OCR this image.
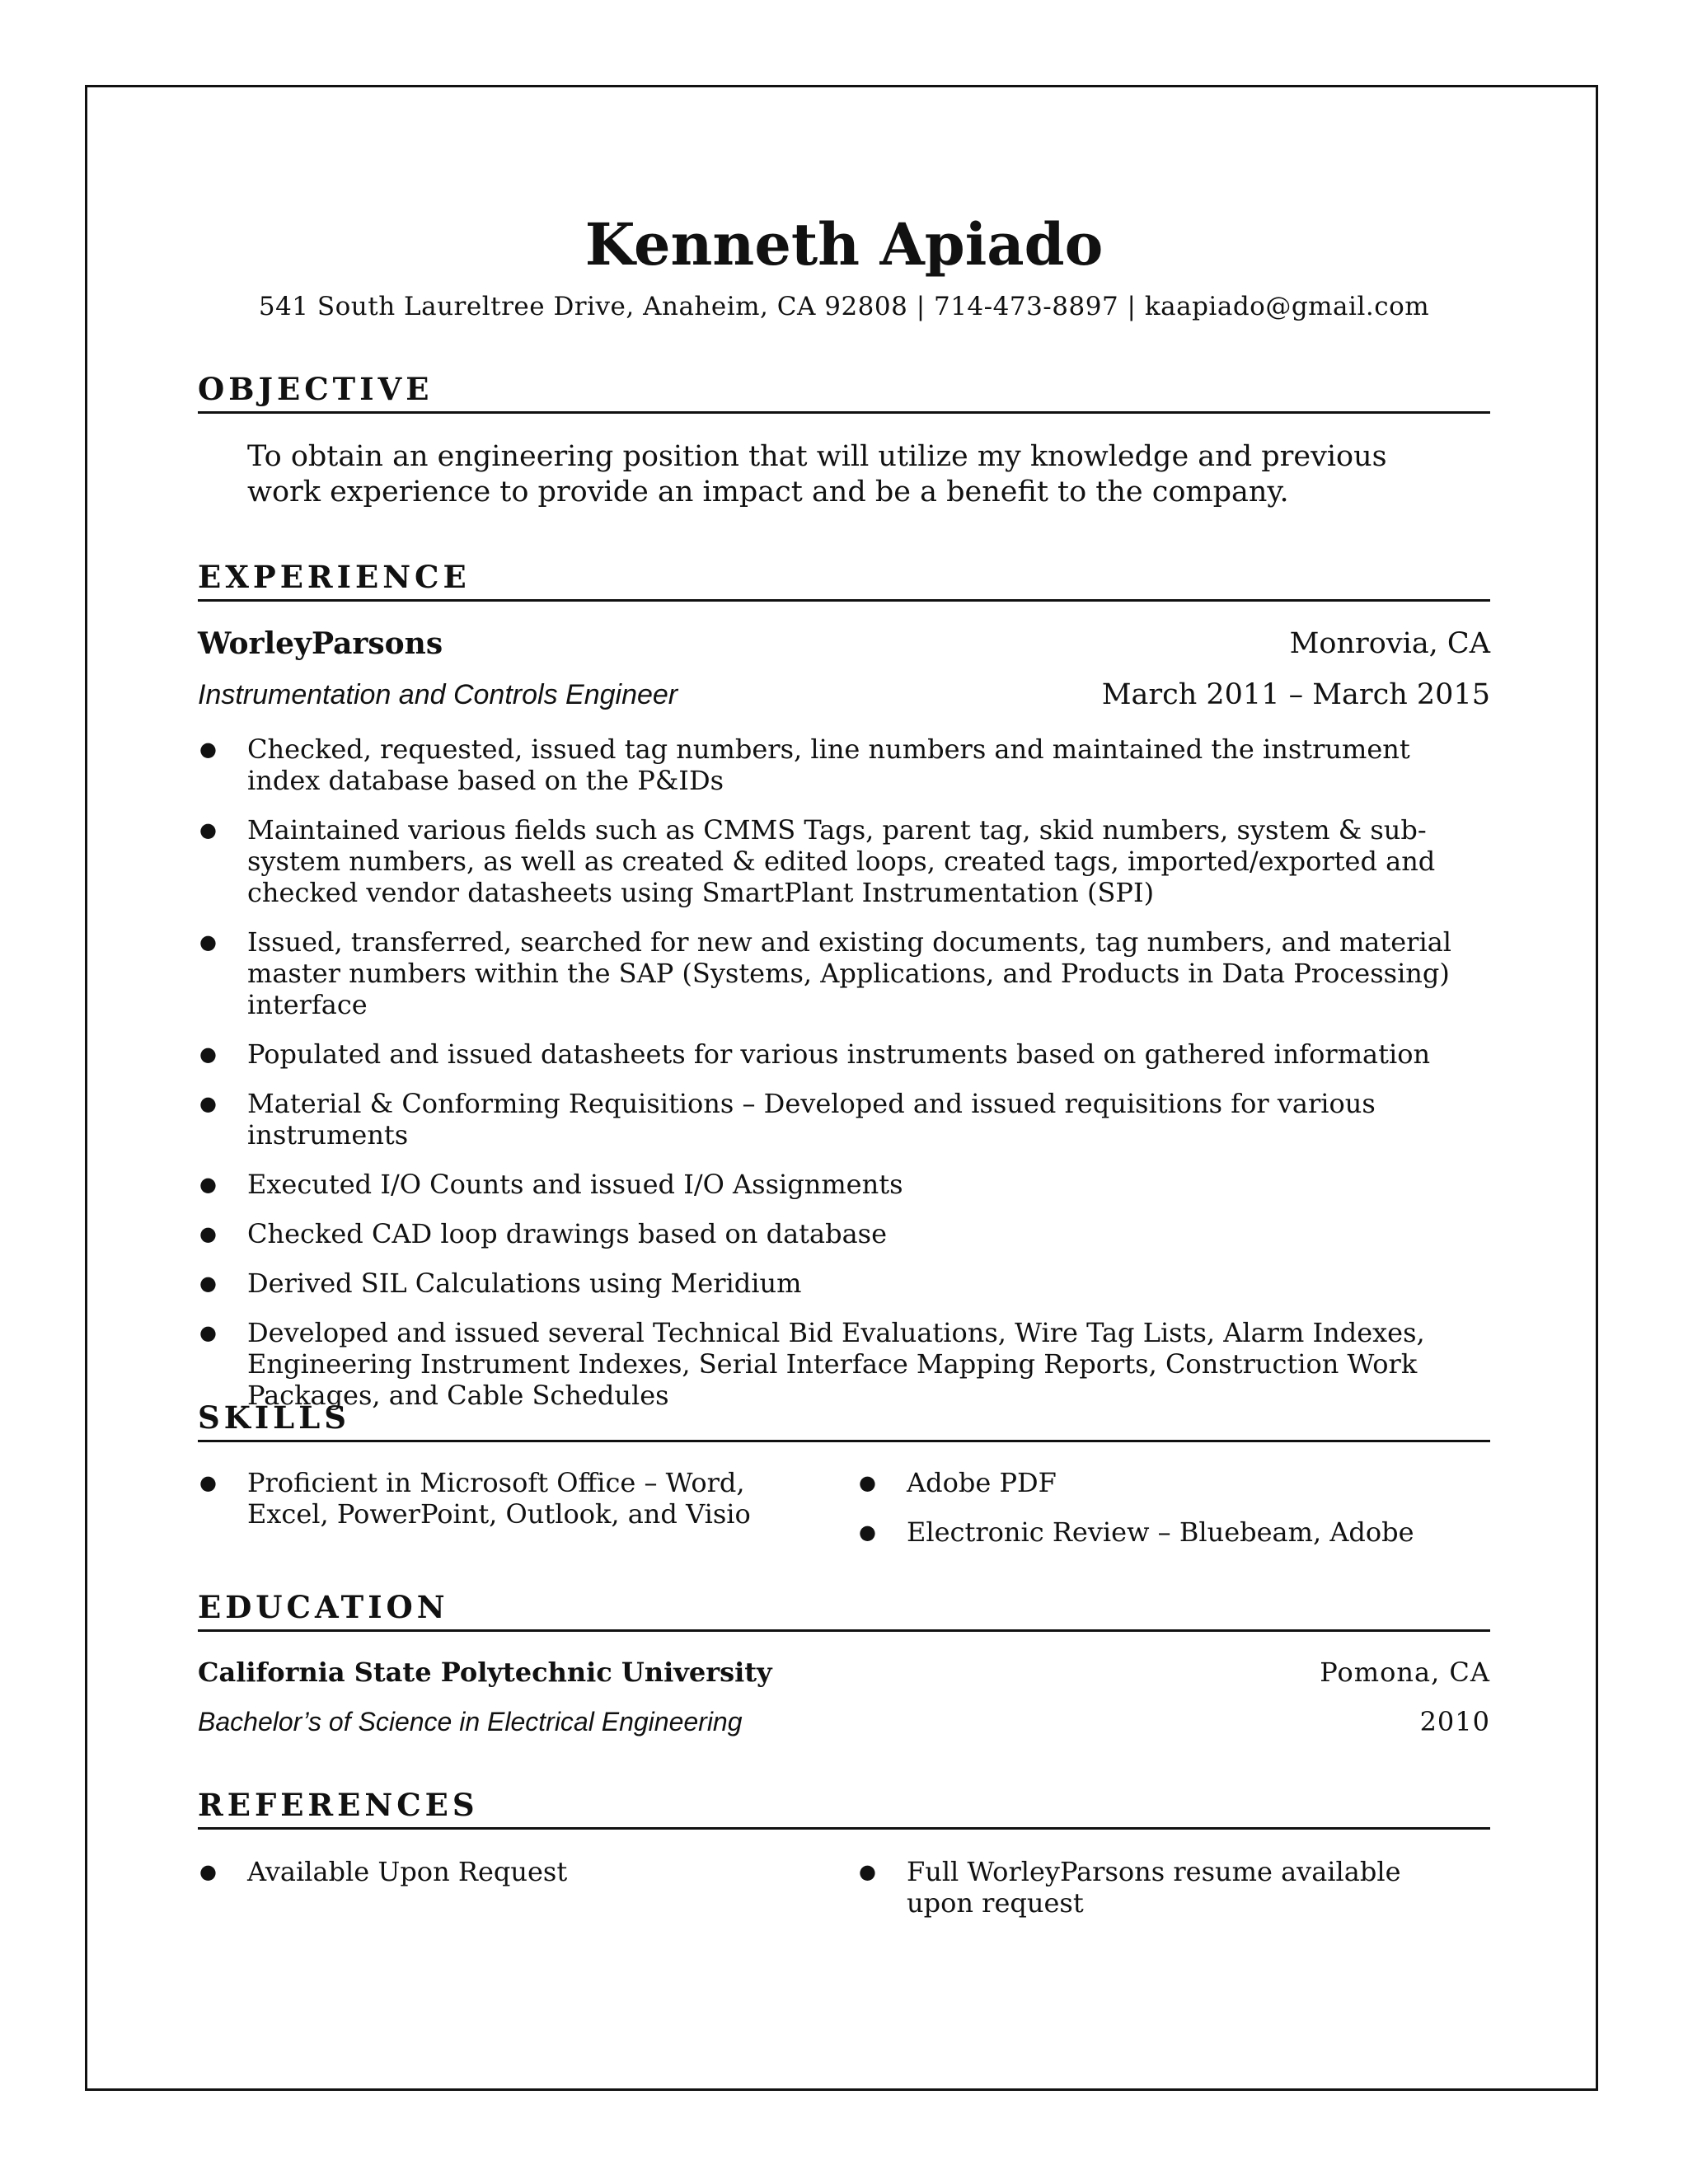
Kenneth Apiado
541 South Laureltree Drive, Anaheim, CA 92808 | 714-473-8897 | kaapiado@gmail.com
OBJECTIVE
To obtain an engineering position that will utilize my knowledge and previous work experience to provide an impact and be a benefit to the company.
EXPERIENCE
WorleyParsons	Monrovia, CA
Instrumentation and Controls Engineer	March 2011 – March 2015
●	Checked, requested, issued tag numbers, line numbers and maintained the instrument index database based on the P&IDs
●	Maintained various fields such as CMMS Tags, parent tag, skid numbers, system & sub-system numbers, as well as created & edited loops, created tags, imported/exported and checked vendor datasheets using SmartPlant Instrumentation (SPI)
●	Issued, transferred, searched for new and existing documents, tag numbers, and material master numbers within the SAP (Systems, Applications, and Products in Data Processing) interface
●	Populated and issued datasheets for various instruments based on gathered information
●	Material & Conforming Requisitions – Developed and issued requisitions for various instruments
●	Executed I/O Counts and issued I/O Assignments
●	Checked CAD loop drawings based on database
●	Derived SIL Calculations using Meridium
●	Developed and issued several Technical Bid Evaluations, Wire Tag Lists, Alarm Indexes, Engineering Instrument Indexes, Serial Interface Mapping Reports, Construction Work Packages, and Cable Schedules
SKILLS
●	Proficient in Microsoft Office – Word, Excel, PowerPoint, Outlook, and Visio
●	Adobe PDF
●	Electronic Review – Bluebeam, Adobe
EDUCATION
California State Polytechnic University	Pomona, CA
Bachelor’s of Science in Electrical Engineering	2010
REFERENCES
●	Available Upon Request	●	Full WorleyParsons resume available upon request
